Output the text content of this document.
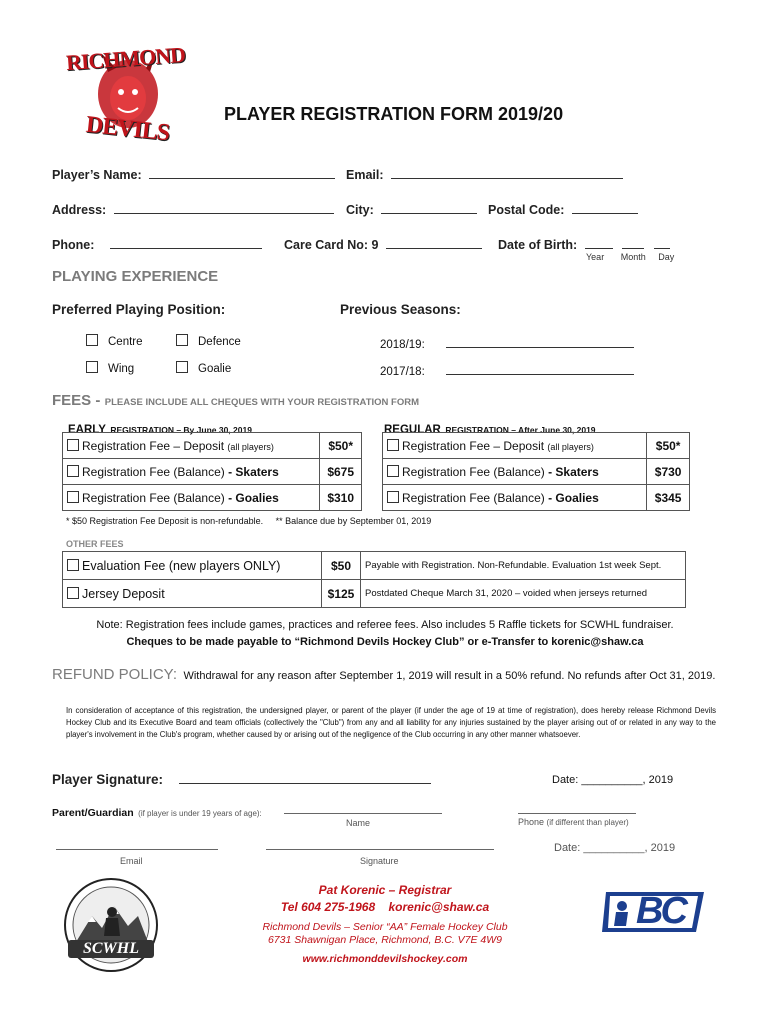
RICHMOND
DEVILS	PLAYER REGISTRATION FORM 2019/20
Player’s Name:	Email:
Address:	City:	Postal Code:
Phone:	Care Card No: 9	Date of Birth:
Year Month Day
PLAYING EXPERIENCE
Preferred Playing Position:	Previous Seasons:
Centre	Defence
Wing	Goalie
2018/19:
2017/18:
FEES - PLEASE INCLUDE ALL CHEQUES WITH YOUR REGISTRATION FORM
EARLY REGISTRATION – By June 30, 2019	REGULAR REGISTRATION – After June 30, 2019
Registration Fee – Deposit (all players)	$50*
Registration Fee (Balance) - Skaters	$675
Registration Fee (Balance) - Goalies	$310
Registration Fee – Deposit (all players)	$50*
Registration Fee (Balance) - Skaters	$730
Registration Fee (Balance) - Goalies	$345
* $50 Registration Fee Deposit is non-refundable. ** Balance due by September 01, 2019
OTHER FEES
Evaluation Fee (new players ONLY)	$50	Payable with Registration. Non-Refundable. Evaluation 1st week Sept.
Jersey Deposit	$125	Postdated Cheque March 31, 2020 – voided when jerseys returned
Note: Registration fees include games, practices and referee fees. Also includes 5 Raffle tickets for SCWHL fundraiser.
Cheques to be made payable to “Richmond Devils Hockey Club” or e-Transfer to korenic@shaw.ca
REFUND POLICY: Withdrawal for any reason after September 1, 2019 will result in a 50% refund. No refunds after Oct 31, 2019.
In consideration of acceptance of this registration, the undersigned player, or parent of the player (if under the age of 19 at time of registration), does hereby release Richmond Devils Hockey Club and its Executive Board and team officials (collectively the "Club") from any and all liability for any injuries sustained by the player arising out of or related in any way to the player's involvement in the Club's program, whether caused by or arising out of the negligence of the Club occurring in any other manner whatsoever.
Player Signature:	Date: __________, 2019
Parent/Guardian (if player is under 19 years of age):
Name	Phone (if different than player)
Email	Signature
Date: __________, 2019
SCWHL
Pat Korenic – Registrar
Tel 604 275-1968 korenic@shaw.ca
Richmond Devils – Senior “AA” Female Hockey Club
6731 Shawnigan Place, Richmond, B.C. V7E 4W9
www.richmonddevilshockey.com
BC
